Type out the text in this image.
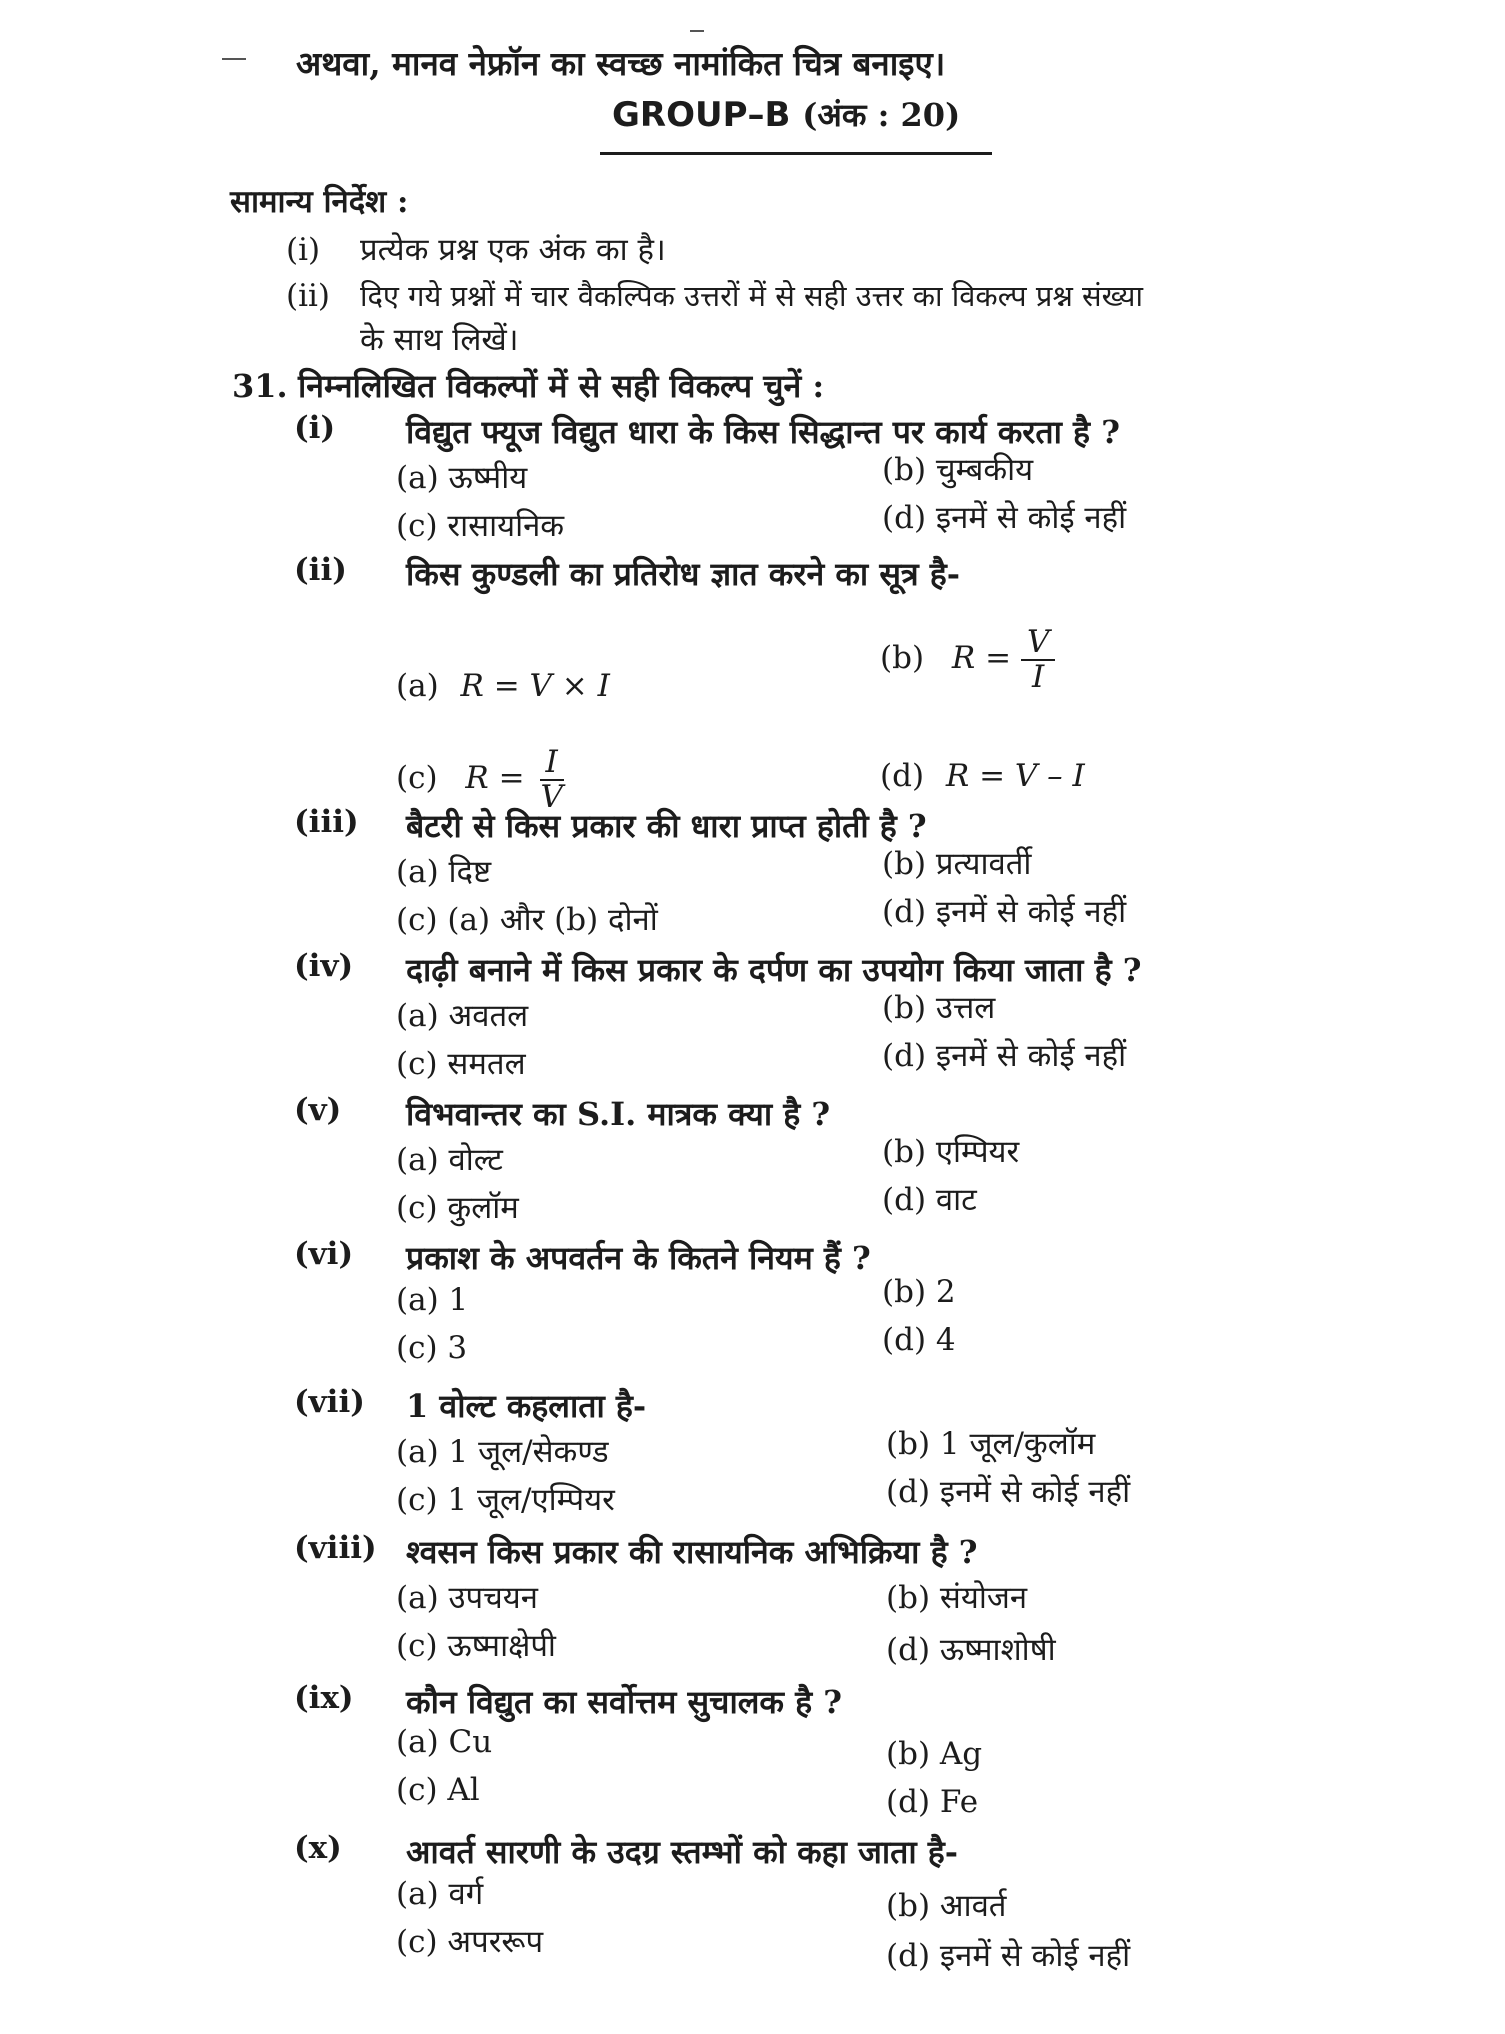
अथवा, मानव नेफ्रॉन का स्वच्छ नामांकित चित्र बनाइए।
GROUP–B (अंक : 20)
सामान्य निर्देश :
(i) प्रत्येक प्रश्न एक अंक का है।
(ii) दिए गये प्रश्नों में चार वैकल्पिक उत्तरों में से सही उत्तर का विकल्प प्रश्न संख्या
के साथ लिखें।
31. निम्नलिखित विकल्पों में से सही विकल्प चुनें :
(i) विद्युत फ्यूज विद्युत धारा के किस सिद्धान्त पर कार्य करता है ?
(a) ऊष्मीय	(b) चुम्बकीय
(c) रासायनिक	(d) इनमें से कोई नहीं
(ii) किस कुण्डली का प्रतिरोध ज्ञात करने का सूत्र है-
(a) R = V × I
(b) $R = \frac{V}{I}$
(c) $R = \frac{I}{V}$	(d) R = V – I
(iii) बैटरी से किस प्रकार की धारा प्राप्त होती है ?
(a) दिष्ट	(b) प्रत्यावर्ती
(c) (a) और (b) दोनों	(d) इनमें से कोई नहीं
(iv) दाढ़ी बनाने में किस प्रकार के दर्पण का उपयोग किया जाता है ?
(a) अवतल	(b) उत्तल
(c) समतल	(d) इनमें से कोई नहीं
(v) विभवान्तर का S.I. मात्रक क्या है ?
(a) वोल्ट	(b) एम्पियर
(c) कुलॉम	(d) वाट
(vi) प्रकाश के अपवर्तन के कितने नियम हैं ?
(a) 1	(b) 2
(c) 3	(d) 4
(vii) 1 वोल्ट कहलाता है-
(a) 1 जूल/सेकण्ड	(b) 1 जूल/कुलॉम
(c) 1 जूल/एम्पियर	(d) इनमें से कोई नहीं
(viii) श्वसन किस प्रकार की रासायनिक अभिक्रिया है ?
(a) उपचयन	(b) संयोजन
(c) ऊष्माक्षेपी	(d) ऊष्माशोषी
(ix) कौन विद्युत का सर्वोत्तम सुचालक है ?
(a) Cu	(b) Ag
(c) Al	(d) Fe
(x) आवर्त सारणी के उदग्र स्तम्भों को कहा जाता है-
(a) वर्ग	(b) आवर्त
(c) अपररूप	(d) इनमें से कोई नहीं
